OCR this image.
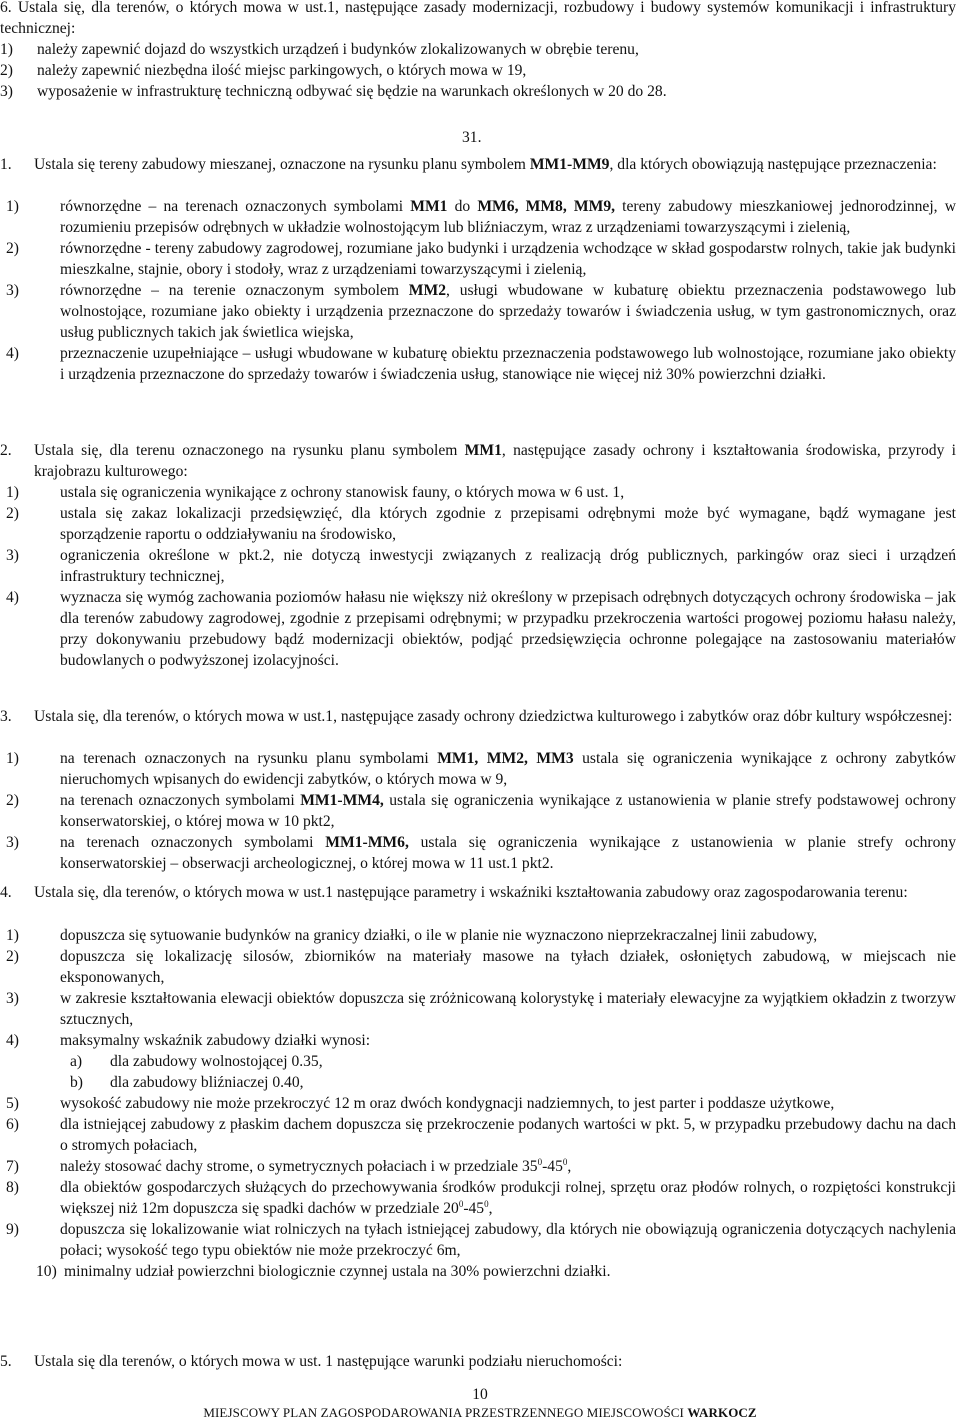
6. Ustala się, dla terenów, o których mowa w ust.1, następujące zasady modernizacji, rozbudowy i budowy systemów komunikacji i infrastruktury technicznej:

1)	należy zapewnić dojazd do wszystkich urządzeń i budynków zlokalizowanych w obrębie terenu,
2)	należy zapewnić niezbędna ilość miejsc parkingowych, o których mowa w 19,
3)	wyposażenie w infrastrukturę techniczną odbywać się będzie na warunkach określonych w 20 do 28.
31.
1.	Ustala się tereny zabudowy mieszanej, oznaczone na rysunku planu symbolem MM1-MM9, dla których obowiązują następujące przeznaczenia:
1)	równorzędne – na terenach oznaczonych symbolami MM1 do MM6, MM8, MM9, tereny zabudowy mieszkaniowej jednorodzinnej, w rozumieniu przepisów odrębnych w układzie wolnostojącym lub bliźniaczym, wraz z urządzeniami towarzyszącymi i zielenią,
2)	równorzędne - tereny zabudowy zagrodowej, rozumiane jako budynki i urządzenia wchodzące w skład gospodarstw rolnych, takie jak budynki mieszkalne, stajnie, obory i stodoły, wraz z urządzeniami towarzyszącymi i zielenią,
3)	równorzędne – na terenie oznaczonym symbolem MM2, usługi wbudowane w kubaturę obiektu przeznaczenia podstawowego lub wolnostojące, rozumiane jako obiekty i urządzenia przeznaczone do sprzedaży towarów i świadczenia usług, w tym gastronomicznych, oraz usług publicznych takich jak świetlica wiejska,
4)	przeznaczenie uzupełniające – usługi wbudowane w kubaturę obiektu przeznaczenia podstawowego lub wolnostojące, rozumiane jako obiekty i urządzenia przeznaczone do sprzedaży towarów i świadczenia usług, stanowiące nie więcej niż 30% powierzchni działki.
2.	Ustala się, dla terenu oznaczonego na rysunku planu symbolem MM1, następujące zasady ochrony i kształtowania środowiska, przyrody i krajobrazu kulturowego:
1)	ustala się ograniczenia wynikające z ochrony stanowisk fauny, o których mowa w 6 ust. 1,
2)	ustala się zakaz lokalizacji przedsięwzięć, dla których zgodnie z przepisami odrębnymi może być wymagane, bądź wymagane jest sporządzenie raportu o oddziaływaniu na środowisko,
3)	ograniczenia określone w pkt.2, nie dotyczą inwestycji związanych z realizacją dróg publicznych, parkingów oraz sieci i urządzeń infrastruktury technicznej,
4)	wyznacza się wymóg zachowania poziomów hałasu nie większy niż określony w przepisach odrębnych dotyczących ochrony środowiska – jak dla terenów zabudowy zagrodowej, zgodnie z przepisami odrębnymi; w przypadku przekroczenia wartości progowej poziomu hałasu należy, przy dokonywaniu przebudowy bądź modernizacji obiektów, podjąć przedsięwzięcia ochronne polegające na zastosowaniu materiałów budowlanych o podwyższonej izolacyjności.
3.	Ustala się, dla terenów, o których mowa w ust.1, następujące zasady ochrony dziedzictwa kulturowego i zabytków oraz dóbr kultury współczesnej:
1)	na terenach oznaczonych na rysunku planu symbolami MM1, MM2, MM3 ustala się ograniczenia wynikające z ochrony zabytków nieruchomych wpisanych do ewidencji zabytków, o których mowa w 9,
2)	na terenach oznaczonych symbolami MM1-MM4, ustala się ograniczenia wynikające z ustanowienia w planie strefy podstawowej ochrony konserwatorskiej, o której mowa w 10 pkt2,
3)	na terenach oznaczonych symbolami MM1-MM6, ustala się ograniczenia wynikające z ustanowienia w planie strefy ochrony konserwatorskiej – obserwacji archeologicznej, o której mowa w 11 ust.1 pkt2.
4.	Ustala się, dla terenów, o których mowa w ust.1 następujące parametry i wskaźniki kształtowania zabudowy oraz zagospodarowania terenu:
1)	dopuszcza się sytuowanie budynków na granicy działki, o ile w planie nie wyznaczono nieprzekraczalnej linii zabudowy,
2)	dopuszcza się lokalizację silosów, zbiorników na materiały masowe na tyłach działek, osłoniętych zabudową, w miejscach nie eksponowanych,
3)	w zakresie kształtowania elewacji obiektów dopuszcza się zróżnicowaną kolorystykę i materiały elewacyjne za wyjątkiem okładzin z tworzyw sztucznych,
4)	maksymalny wskaźnik zabudowy działki wynosi:
a)	dla zabudowy wolnostojącej 0.35,
b)	dla zabudowy bliźniaczej 0.40,
5)	wysokość zabudowy nie może przekroczyć 12 m oraz dwóch kondygnacji nadziemnych, to jest parter i poddasze użytkowe,
6)	dla istniejącej zabudowy z płaskim dachem dopuszcza się przekroczenie podanych wartości w pkt. 5, w przypadku przebudowy dachu na dach o stromych połaciach,
7)	należy stosować dachy strome, o symetrycznych połaciach i w przedziale $35^0-45^0$,
8)	dla obiektów gospodarczych służących do przechowywania środków produkcji rolnej, sprzętu oraz płodów rolnych, o rozpiętości konstrukcji większej niż 12m dopuszcza się spadki dachów w przedziale $20^0-45^0$,
9)	dopuszcza się lokalizowanie wiat rolniczych na tyłach istniejącej zabudowy, dla których nie obowiązują ograniczenia dotyczących nachylenia połaci; wysokość tego typu obiektów nie może przekroczyć 6m,
10) minimalny udział powierzchni biologicznie czynnej ustala na 30% powierzchni działki.
5.	Ustala się dla terenów, o których mowa w ust. 1 następujące warunki podziału nieruchomości:
10
MIEJSCOWY PLAN ZAGOSPODAROWANIA PRZESTRZENNEGO MIEJSCOWOŚCI WARKOCZ
